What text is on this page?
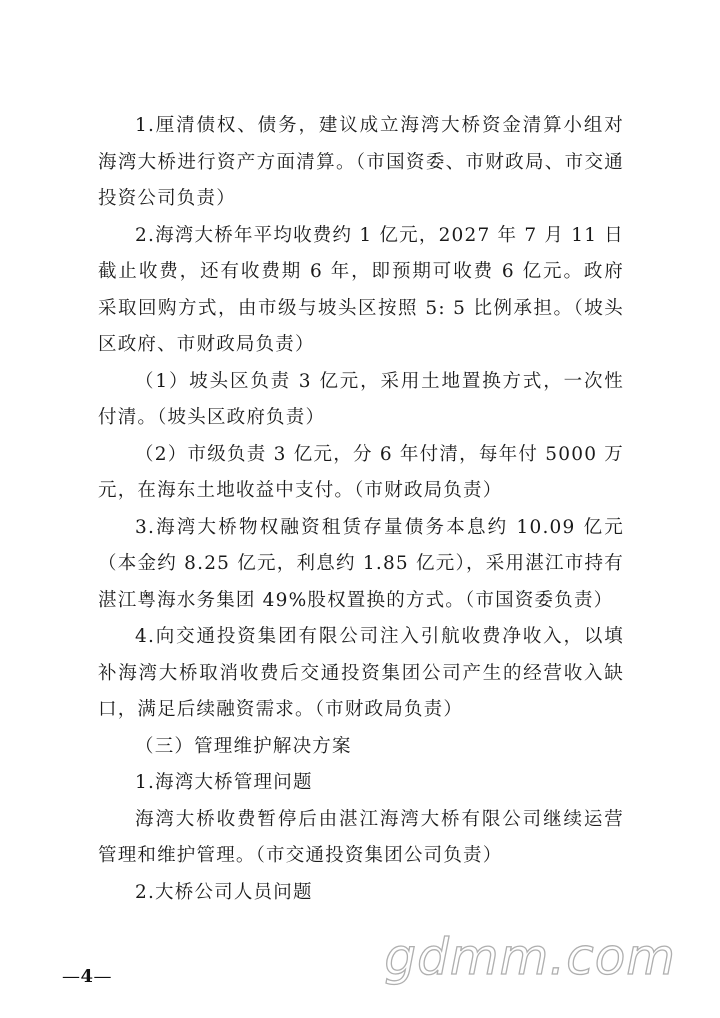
1.厘清债权、债务，建议成立海湾大桥资金清算小组对海湾大桥进行资产方面清算。（市国资委、市财政局、市交通投资公司负责）

2.海湾大桥年平均收费约 1 亿元，2027 年 7 月 11 日截止收费，还有收费期 6 年，即预期可收费 6 亿元。政府采取回购方式，由市级与坡头区按照 5: 5 比例承担。（坡头区政府、市财政局负责）

（1）坡头区负责 3 亿元，采用土地置换方式，一次性付清。（坡头区政府负责）

（2）市级负责 3 亿元，分 6 年付清，每年付 5000 万元，在海东土地收益中支付。（市财政局负责）

3.海湾大桥物权融资租赁存量债务本息约 10.09 亿元（本金约 8.25 亿元，利息约 1.85 亿元），采用湛江市持有湛江粤海水务集团 49%股权置换的方式。（市国资委负责）

4.向交通投资集团有限公司注入引航收费净收入，以填补海湾大桥取消收费后交通投资集团公司产生的经营收入缺口，满足后续融资需求。（市财政局负责）

（三）管理维护解决方案

1.海湾大桥管理问题

海湾大桥收费暂停后由湛江海湾大桥有限公司继续运营管理和维护管理。（市交通投资集团公司负责）

2.大桥公司人员问题

—4—	gdmm.com
